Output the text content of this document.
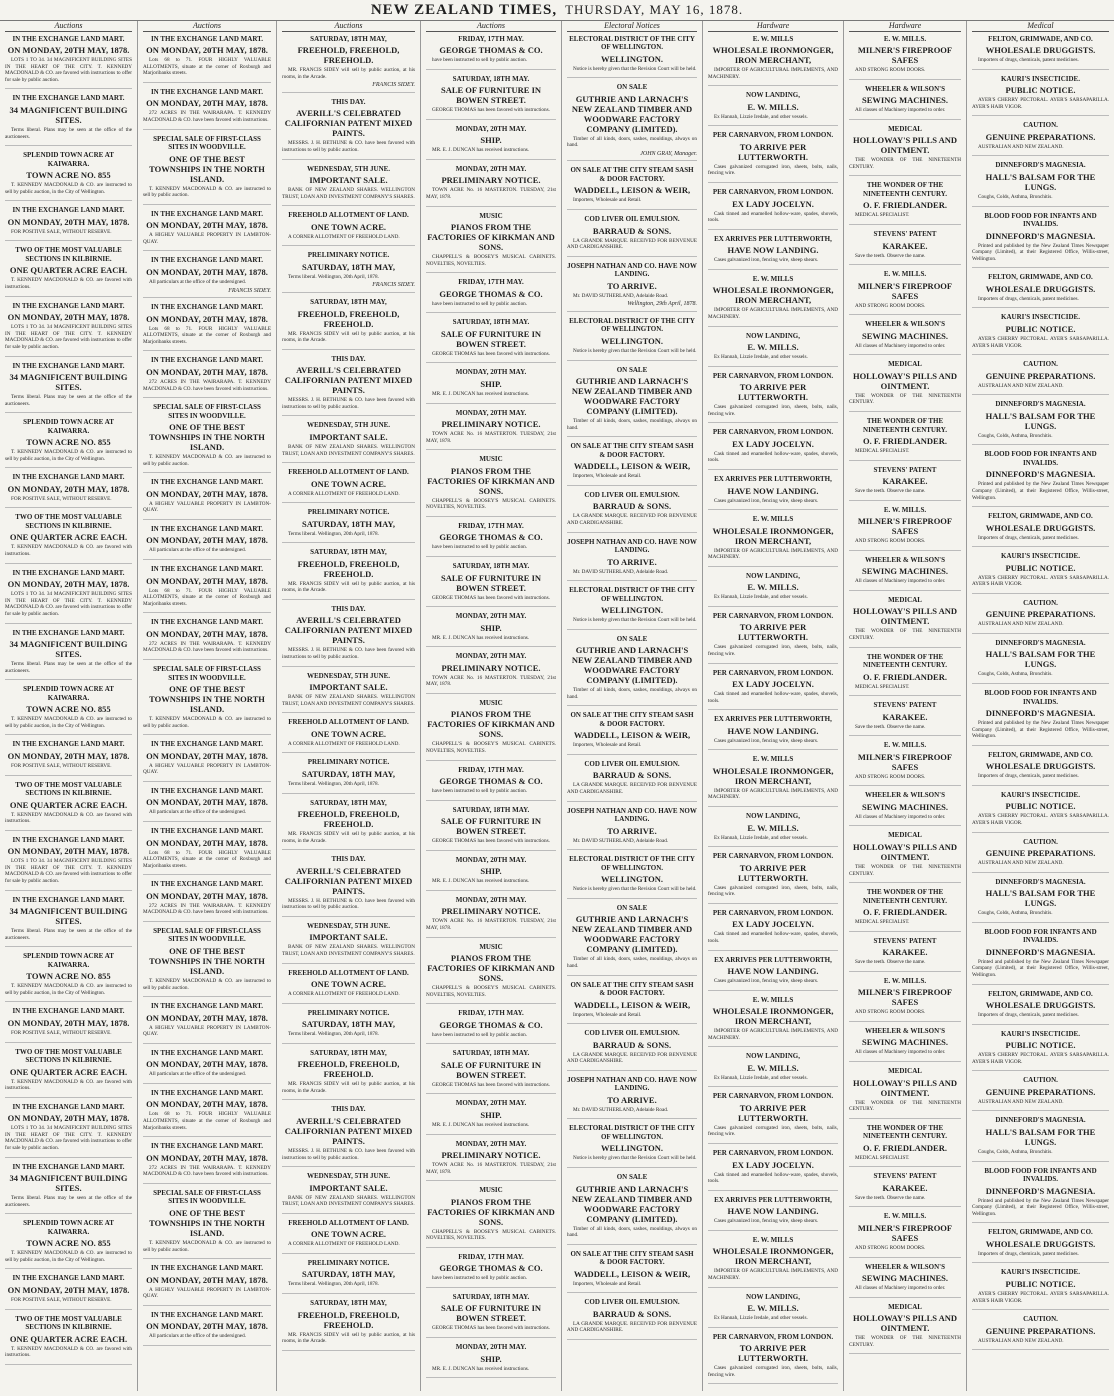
NEW ZEALAND TIMES, THURSDAY, MAY 16, 1878.
Auctions
IN THE EXCHANGE LAND MART.
ON MONDAY, 20TH MAY, 1878.

LOTS 1 TO 34. 34 MAGNIFICENT BUILDING SITES IN THE HEART OF THE CITY. T. KENNEDY MACDONALD & CO. are favored with instructions to offer for sale by public auction.

IN THE EXCHANGE LAND MART.
34 MAGNIFICENT BUILDING SITES.

Terms liberal. Plans may be seen at the office of the auctioneers.

SPLENDID TOWN ACRE AT KAIWARRA.
TOWN ACRE NO. 855

T. KENNEDY MACDONALD & CO. are instructed to sell by public auction, in the City of Wellington.

IN THE EXCHANGE LAND MART.
ON MONDAY, 20TH MAY, 1878.

FOR POSITIVE SALE, WITHOUT RESERVE.

TWO OF THE MOST VALUABLE SECTIONS IN KILBIRNIE.
ONE QUARTER ACRE EACH.

T. KENNEDY MACDONALD & CO. are favored with instructions.

IN THE EXCHANGE LAND MART.
ON MONDAY, 20TH MAY, 1878.

LOTS 1 TO 34. 34 MAGNIFICENT BUILDING SITES IN THE HEART OF THE CITY. T. KENNEDY MACDONALD & CO. are favored with instructions to offer for sale by public auction.

IN THE EXCHANGE LAND MART.
34 MAGNIFICENT BUILDING SITES.

Terms liberal. Plans may be seen at the office of the auctioneers.

SPLENDID TOWN ACRE AT KAIWARRA.
TOWN ACRE NO. 855

T. KENNEDY MACDONALD & CO. are instructed to sell by public auction, in the City of Wellington.

IN THE EXCHANGE LAND MART.
ON MONDAY, 20TH MAY, 1878.

FOR POSITIVE SALE, WITHOUT RESERVE.

TWO OF THE MOST VALUABLE SECTIONS IN KILBIRNIE.
ONE QUARTER ACRE EACH.

T. KENNEDY MACDONALD & CO. are favored with instructions.

IN THE EXCHANGE LAND MART.
ON MONDAY, 20TH MAY, 1878.

LOTS 1 TO 34. 34 MAGNIFICENT BUILDING SITES IN THE HEART OF THE CITY. T. KENNEDY MACDONALD & CO. are favored with instructions to offer for sale by public auction.

IN THE EXCHANGE LAND MART.
34 MAGNIFICENT BUILDING SITES.

Terms liberal. Plans may be seen at the office of the auctioneers.

SPLENDID TOWN ACRE AT KAIWARRA.
TOWN ACRE NO. 855

T. KENNEDY MACDONALD & CO. are instructed to sell by public auction, in the City of Wellington.

IN THE EXCHANGE LAND MART.
ON MONDAY, 20TH MAY, 1878.

FOR POSITIVE SALE, WITHOUT RESERVE.

TWO OF THE MOST VALUABLE SECTIONS IN KILBIRNIE.
ONE QUARTER ACRE EACH.

T. KENNEDY MACDONALD & CO. are favored with instructions.

IN THE EXCHANGE LAND MART.
ON MONDAY, 20TH MAY, 1878.

LOTS 1 TO 34. 34 MAGNIFICENT BUILDING SITES IN THE HEART OF THE CITY. T. KENNEDY MACDONALD & CO. are favored with instructions to offer for sale by public auction.

IN THE EXCHANGE LAND MART.
34 MAGNIFICENT BUILDING SITES.

Terms liberal. Plans may be seen at the office of the auctioneers.

SPLENDID TOWN ACRE AT KAIWARRA.
TOWN ACRE NO. 855

T. KENNEDY MACDONALD & CO. are instructed to sell by public auction, in the City of Wellington.

IN THE EXCHANGE LAND MART.
ON MONDAY, 20TH MAY, 1878.

FOR POSITIVE SALE, WITHOUT RESERVE.

TWO OF THE MOST VALUABLE SECTIONS IN KILBIRNIE.
ONE QUARTER ACRE EACH.

T. KENNEDY MACDONALD & CO. are favored with instructions.

IN THE EXCHANGE LAND MART.
ON MONDAY, 20TH MAY, 1878.

LOTS 1 TO 34. 34 MAGNIFICENT BUILDING SITES IN THE HEART OF THE CITY. T. KENNEDY MACDONALD & CO. are favored with instructions to offer for sale by public auction.

IN THE EXCHANGE LAND MART.
34 MAGNIFICENT BUILDING SITES.

Terms liberal. Plans may be seen at the office of the auctioneers.

SPLENDID TOWN ACRE AT KAIWARRA.
TOWN ACRE NO. 855

T. KENNEDY MACDONALD & CO. are instructed to sell by public auction, in the City of Wellington.

IN THE EXCHANGE LAND MART.
ON MONDAY, 20TH MAY, 1878.

FOR POSITIVE SALE, WITHOUT RESERVE.

TWO OF THE MOST VALUABLE SECTIONS IN KILBIRNIE.
ONE QUARTER ACRE EACH.

T. KENNEDY MACDONALD & CO. are favored with instructions.

Auctions
IN THE EXCHANGE LAND MART.
ON MONDAY, 20TH MAY, 1878.

Lots 68 to 71. FOUR HIGHLY VALUABLE ALLOTMENTS, situate at the corner of Roxburgh and Marjoribanks streets.

IN THE EXCHANGE LAND MART.
ON MONDAY, 20TH MAY, 1878.

272 ACRES IN THE WAIRARAPA. T. KENNEDY MACDONALD & CO. have been favored with instructions.

SPECIAL SALE OF FIRST-CLASS SITES IN WOODVILLE.
ONE OF THE BEST TOWNSHIPS IN THE NORTH ISLAND.

T. KENNEDY MACDONALD & CO. are instructed to sell by public auction.

IN THE EXCHANGE LAND MART.
ON MONDAY, 20TH MAY, 1878.

A HIGHLY VALUABLE PROPERTY IN LAMBTON-QUAY.

IN THE EXCHANGE LAND MART.
ON MONDAY, 20TH MAY, 1878.

All particulars at the office of the undersigned.

FRANCIS SIDEY.
IN THE EXCHANGE LAND MART.
ON MONDAY, 20TH MAY, 1878.

Lots 68 to 71. FOUR HIGHLY VALUABLE ALLOTMENTS, situate at the corner of Roxburgh and Marjoribanks streets.

IN THE EXCHANGE LAND MART.
ON MONDAY, 20TH MAY, 1878.

272 ACRES IN THE WAIRARAPA. T. KENNEDY MACDONALD & CO. have been favored with instructions.

SPECIAL SALE OF FIRST-CLASS SITES IN WOODVILLE.
ONE OF THE BEST TOWNSHIPS IN THE NORTH ISLAND.

T. KENNEDY MACDONALD & CO. are instructed to sell by public auction.

IN THE EXCHANGE LAND MART.
ON MONDAY, 20TH MAY, 1878.

A HIGHLY VALUABLE PROPERTY IN LAMBTON-QUAY.

IN THE EXCHANGE LAND MART.
ON MONDAY, 20TH MAY, 1878.

All particulars at the office of the undersigned.

IN THE EXCHANGE LAND MART.
ON MONDAY, 20TH MAY, 1878.

Lots 68 to 71. FOUR HIGHLY VALUABLE ALLOTMENTS, situate at the corner of Roxburgh and Marjoribanks streets.

IN THE EXCHANGE LAND MART.
ON MONDAY, 20TH MAY, 1878.

272 ACRES IN THE WAIRARAPA. T. KENNEDY MACDONALD & CO. have been favored with instructions.

SPECIAL SALE OF FIRST-CLASS SITES IN WOODVILLE.
ONE OF THE BEST TOWNSHIPS IN THE NORTH ISLAND.

T. KENNEDY MACDONALD & CO. are instructed to sell by public auction.

IN THE EXCHANGE LAND MART.
ON MONDAY, 20TH MAY, 1878.

A HIGHLY VALUABLE PROPERTY IN LAMBTON-QUAY.

IN THE EXCHANGE LAND MART.
ON MONDAY, 20TH MAY, 1878.

All particulars at the office of the undersigned.

IN THE EXCHANGE LAND MART.
ON MONDAY, 20TH MAY, 1878.

Lots 68 to 71. FOUR HIGHLY VALUABLE ALLOTMENTS, situate at the corner of Roxburgh and Marjoribanks streets.

IN THE EXCHANGE LAND MART.
ON MONDAY, 20TH MAY, 1878.

272 ACRES IN THE WAIRARAPA. T. KENNEDY MACDONALD & CO. have been favored with instructions.

SPECIAL SALE OF FIRST-CLASS SITES IN WOODVILLE.
ONE OF THE BEST TOWNSHIPS IN THE NORTH ISLAND.

T. KENNEDY MACDONALD & CO. are instructed to sell by public auction.

IN THE EXCHANGE LAND MART.
ON MONDAY, 20TH MAY, 1878.

A HIGHLY VALUABLE PROPERTY IN LAMBTON-QUAY.

IN THE EXCHANGE LAND MART.
ON MONDAY, 20TH MAY, 1878.

All particulars at the office of the undersigned.

IN THE EXCHANGE LAND MART.
ON MONDAY, 20TH MAY, 1878.

Lots 68 to 71. FOUR HIGHLY VALUABLE ALLOTMENTS, situate at the corner of Roxburgh and Marjoribanks streets.

IN THE EXCHANGE LAND MART.
ON MONDAY, 20TH MAY, 1878.

272 ACRES IN THE WAIRARAPA. T. KENNEDY MACDONALD & CO. have been favored with instructions.

SPECIAL SALE OF FIRST-CLASS SITES IN WOODVILLE.
ONE OF THE BEST TOWNSHIPS IN THE NORTH ISLAND.

T. KENNEDY MACDONALD & CO. are instructed to sell by public auction.

IN THE EXCHANGE LAND MART.
ON MONDAY, 20TH MAY, 1878.

A HIGHLY VALUABLE PROPERTY IN LAMBTON-QUAY.

IN THE EXCHANGE LAND MART.
ON MONDAY, 20TH MAY, 1878.

All particulars at the office of the undersigned.

Auctions
SATURDAY, 18TH MAY,
FREEHOLD, FREEHOLD, FREEHOLD.

MR. FRANCIS SIDEY will sell by public auction, at his rooms, in the Arcade.

FRANCIS SIDEY.
THIS DAY.
AVERILL'S CELEBRATED CALIFORNIAN PATENT MIXED PAINTS.

MESSRS. J. H. BETHUNE & CO. have been favored with instructions to sell by public auction.

WEDNESDAY, 5TH JUNE.
IMPORTANT SALE.

BANK OF NEW ZEALAND SHARES. WELLINGTON TRUST, LOAN AND INVESTMENT COMPANY'S SHARES.

FREEHOLD ALLOTMENT OF LAND.
ONE TOWN ACRE.

A CORNER ALLOTMENT OF FREEHOLD LAND.

PRELIMINARY NOTICE.
SATURDAY, 18TH MAY,

Terms liberal. Wellington, 20th April, 1878.

FRANCIS SIDEY.
SATURDAY, 18TH MAY,
FREEHOLD, FREEHOLD, FREEHOLD.

MR. FRANCIS SIDEY will sell by public auction, at his rooms, in the Arcade.

THIS DAY.
AVERILL'S CELEBRATED CALIFORNIAN PATENT MIXED PAINTS.

MESSRS. J. H. BETHUNE & CO. have been favored with instructions to sell by public auction.

WEDNESDAY, 5TH JUNE.
IMPORTANT SALE.

BANK OF NEW ZEALAND SHARES. WELLINGTON TRUST, LOAN AND INVESTMENT COMPANY'S SHARES.

FREEHOLD ALLOTMENT OF LAND.
ONE TOWN ACRE.

A CORNER ALLOTMENT OF FREEHOLD LAND.

PRELIMINARY NOTICE.
SATURDAY, 18TH MAY,

Terms liberal. Wellington, 20th April, 1878.

SATURDAY, 18TH MAY,
FREEHOLD, FREEHOLD, FREEHOLD.

MR. FRANCIS SIDEY will sell by public auction, at his rooms, in the Arcade.

THIS DAY.
AVERILL'S CELEBRATED CALIFORNIAN PATENT MIXED PAINTS.

MESSRS. J. H. BETHUNE & CO. have been favored with instructions to sell by public auction.

WEDNESDAY, 5TH JUNE.
IMPORTANT SALE.

BANK OF NEW ZEALAND SHARES. WELLINGTON TRUST, LOAN AND INVESTMENT COMPANY'S SHARES.

FREEHOLD ALLOTMENT OF LAND.
ONE TOWN ACRE.

A CORNER ALLOTMENT OF FREEHOLD LAND.

PRELIMINARY NOTICE.
SATURDAY, 18TH MAY,

Terms liberal. Wellington, 20th April, 1878.

SATURDAY, 18TH MAY,
FREEHOLD, FREEHOLD, FREEHOLD.

MR. FRANCIS SIDEY will sell by public auction, at his rooms, in the Arcade.

THIS DAY.
AVERILL'S CELEBRATED CALIFORNIAN PATENT MIXED PAINTS.

MESSRS. J. H. BETHUNE & CO. have been favored with instructions to sell by public auction.

WEDNESDAY, 5TH JUNE.
IMPORTANT SALE.

BANK OF NEW ZEALAND SHARES. WELLINGTON TRUST, LOAN AND INVESTMENT COMPANY'S SHARES.

FREEHOLD ALLOTMENT OF LAND.
ONE TOWN ACRE.

A CORNER ALLOTMENT OF FREEHOLD LAND.

PRELIMINARY NOTICE.
SATURDAY, 18TH MAY,

Terms liberal. Wellington, 20th April, 1878.

SATURDAY, 18TH MAY,
FREEHOLD, FREEHOLD, FREEHOLD.

MR. FRANCIS SIDEY will sell by public auction, at his rooms, in the Arcade.

THIS DAY.
AVERILL'S CELEBRATED CALIFORNIAN PATENT MIXED PAINTS.

MESSRS. J. H. BETHUNE & CO. have been favored with instructions to sell by public auction.

WEDNESDAY, 5TH JUNE.
IMPORTANT SALE.

BANK OF NEW ZEALAND SHARES. WELLINGTON TRUST, LOAN AND INVESTMENT COMPANY'S SHARES.

FREEHOLD ALLOTMENT OF LAND.
ONE TOWN ACRE.

A CORNER ALLOTMENT OF FREEHOLD LAND.

PRELIMINARY NOTICE.
SATURDAY, 18TH MAY,

Terms liberal. Wellington, 20th April, 1878.

SATURDAY, 18TH MAY,
FREEHOLD, FREEHOLD, FREEHOLD.

MR. FRANCIS SIDEY will sell by public auction, at his rooms, in the Arcade.

Auctions
FRIDAY, 17TH MAY.
GEORGE THOMAS & CO.

have been instructed to sell by public auction.

SATURDAY, 18TH MAY.
SALE OF FURNITURE IN BOWEN STREET.

GEORGE THOMAS has been favored with instructions.

MONDAY, 20TH MAY.
SHIP.

MR. E. J. DUNCAN has received instructions.

MONDAY, 20TH MAY.
PRELIMINARY NOTICE.

TOWN ACRE No. 16 MASTERTON. TUESDAY, 21st MAY, 1878.

MUSIC
PIANOS FROM THE FACTORIES OF KIRKMAN AND SONS.

CHAPPELL'S & BOOSEY'S MUSICAL CABINETS. NOVELTIES, NOVELTIES.

FRIDAY, 17TH MAY.
GEORGE THOMAS & CO.

have been instructed to sell by public auction.

SATURDAY, 18TH MAY.
SALE OF FURNITURE IN BOWEN STREET.

GEORGE THOMAS has been favored with instructions.

MONDAY, 20TH MAY.
SHIP.

MR. E. J. DUNCAN has received instructions.

MONDAY, 20TH MAY.
PRELIMINARY NOTICE.

TOWN ACRE No. 16 MASTERTON. TUESDAY, 21st MAY, 1878.

MUSIC
PIANOS FROM THE FACTORIES OF KIRKMAN AND SONS.

CHAPPELL'S & BOOSEY'S MUSICAL CABINETS. NOVELTIES, NOVELTIES.

FRIDAY, 17TH MAY.
GEORGE THOMAS & CO.

have been instructed to sell by public auction.

SATURDAY, 18TH MAY.
SALE OF FURNITURE IN BOWEN STREET.

GEORGE THOMAS has been favored with instructions.

MONDAY, 20TH MAY.
SHIP.

MR. E. J. DUNCAN has received instructions.

MONDAY, 20TH MAY.
PRELIMINARY NOTICE.

TOWN ACRE No. 16 MASTERTON. TUESDAY, 21st MAY, 1878.

MUSIC
PIANOS FROM THE FACTORIES OF KIRKMAN AND SONS.

CHAPPELL'S & BOOSEY'S MUSICAL CABINETS. NOVELTIES, NOVELTIES.

FRIDAY, 17TH MAY.
GEORGE THOMAS & CO.

have been instructed to sell by public auction.

SATURDAY, 18TH MAY.
SALE OF FURNITURE IN BOWEN STREET.

GEORGE THOMAS has been favored with instructions.

MONDAY, 20TH MAY.
SHIP.

MR. E. J. DUNCAN has received instructions.

MONDAY, 20TH MAY.
PRELIMINARY NOTICE.

TOWN ACRE No. 16 MASTERTON. TUESDAY, 21st MAY, 1878.

MUSIC
PIANOS FROM THE FACTORIES OF KIRKMAN AND SONS.

CHAPPELL'S & BOOSEY'S MUSICAL CABINETS. NOVELTIES, NOVELTIES.

FRIDAY, 17TH MAY.
GEORGE THOMAS & CO.

have been instructed to sell by public auction.

SATURDAY, 18TH MAY.
SALE OF FURNITURE IN BOWEN STREET.

GEORGE THOMAS has been favored with instructions.

MONDAY, 20TH MAY.
SHIP.

MR. E. J. DUNCAN has received instructions.

MONDAY, 20TH MAY.
PRELIMINARY NOTICE.

TOWN ACRE No. 16 MASTERTON. TUESDAY, 21st MAY, 1878.

MUSIC
PIANOS FROM THE FACTORIES OF KIRKMAN AND SONS.

CHAPPELL'S & BOOSEY'S MUSICAL CABINETS. NOVELTIES, NOVELTIES.

FRIDAY, 17TH MAY.
GEORGE THOMAS & CO.

have been instructed to sell by public auction.

SATURDAY, 18TH MAY.
SALE OF FURNITURE IN BOWEN STREET.

GEORGE THOMAS has been favored with instructions.

MONDAY, 20TH MAY.
SHIP.

MR. E. J. DUNCAN has received instructions.

Electoral Notices
ELECTORAL DISTRICT OF THE CITY OF WELLINGTON.
WELLINGTON.

Notice is hereby given that the Revision Court will be held.

ON SALE
GUTHRIE AND LARNACH'S NEW ZEALAND TIMBER AND WOODWARE FACTORY COMPANY (LIMITED).

Timber of all kinds, doors, sashes, mouldings, always on hand.

JOHN GRAY, Manager.
ON SALE AT THE CITY STEAM SASH & DOOR FACTORY.
WADDELL, LEISON & WEIR,

Importers, Wholesale and Retail.

COD LIVER OIL EMULSION.
BARRAUD & SONS.

LA GRANDE MARQUE. RECEIVED FOR BENVENUE AND CARDIGANSHIRE.

JOSEPH NATHAN AND CO. HAVE NOW LANDING.
TO ARRIVE.

Mr. DAVID SUTHERLAND, Adelaide Road.

Wellington, 29th April, 1878.
ELECTORAL DISTRICT OF THE CITY OF WELLINGTON.
WELLINGTON.

Notice is hereby given that the Revision Court will be held.

ON SALE
GUTHRIE AND LARNACH'S NEW ZEALAND TIMBER AND WOODWARE FACTORY COMPANY (LIMITED).

Timber of all kinds, doors, sashes, mouldings, always on hand.

ON SALE AT THE CITY STEAM SASH & DOOR FACTORY.
WADDELL, LEISON & WEIR,

Importers, Wholesale and Retail.

COD LIVER OIL EMULSION.
BARRAUD & SONS.

LA GRANDE MARQUE. RECEIVED FOR BENVENUE AND CARDIGANSHIRE.

JOSEPH NATHAN AND CO. HAVE NOW LANDING.
TO ARRIVE.

Mr. DAVID SUTHERLAND, Adelaide Road.

ELECTORAL DISTRICT OF THE CITY OF WELLINGTON.
WELLINGTON.

Notice is hereby given that the Revision Court will be held.

ON SALE
GUTHRIE AND LARNACH'S NEW ZEALAND TIMBER AND WOODWARE FACTORY COMPANY (LIMITED).

Timber of all kinds, doors, sashes, mouldings, always on hand.

ON SALE AT THE CITY STEAM SASH & DOOR FACTORY.
WADDELL, LEISON & WEIR,

Importers, Wholesale and Retail.

COD LIVER OIL EMULSION.
BARRAUD & SONS.

LA GRANDE MARQUE. RECEIVED FOR BENVENUE AND CARDIGANSHIRE.

JOSEPH NATHAN AND CO. HAVE NOW LANDING.
TO ARRIVE.

Mr. DAVID SUTHERLAND, Adelaide Road.

ELECTORAL DISTRICT OF THE CITY OF WELLINGTON.
WELLINGTON.

Notice is hereby given that the Revision Court will be held.

ON SALE
GUTHRIE AND LARNACH'S NEW ZEALAND TIMBER AND WOODWARE FACTORY COMPANY (LIMITED).

Timber of all kinds, doors, sashes, mouldings, always on hand.

ON SALE AT THE CITY STEAM SASH & DOOR FACTORY.
WADDELL, LEISON & WEIR,

Importers, Wholesale and Retail.

COD LIVER OIL EMULSION.
BARRAUD & SONS.

LA GRANDE MARQUE. RECEIVED FOR BENVENUE AND CARDIGANSHIRE.

JOSEPH NATHAN AND CO. HAVE NOW LANDING.
TO ARRIVE.

Mr. DAVID SUTHERLAND, Adelaide Road.

ELECTORAL DISTRICT OF THE CITY OF WELLINGTON.
WELLINGTON.

Notice is hereby given that the Revision Court will be held.

ON SALE
GUTHRIE AND LARNACH'S NEW ZEALAND TIMBER AND WOODWARE FACTORY COMPANY (LIMITED).

Timber of all kinds, doors, sashes, mouldings, always on hand.

ON SALE AT THE CITY STEAM SASH & DOOR FACTORY.
WADDELL, LEISON & WEIR,

Importers, Wholesale and Retail.

COD LIVER OIL EMULSION.
BARRAUD & SONS.

LA GRANDE MARQUE. RECEIVED FOR BENVENUE AND CARDIGANSHIRE.

Hardware
E. W. MILLS
WHOLESALE IRONMONGER, IRON MERCHANT,

IMPORTER OF AGRICULTURAL IMPLEMENTS, AND MACHINERY.

NOW LANDING,
E. W. MILLS.

Ex Hannah, Lizzie Iredale, and other vessels.

PER CARNARVON, FROM LONDON.
TO ARRIVE PER LUTTERWORTH.

Cases galvanized corrugated iron, sheets, bolts, nails, fencing wire.

PER CARNARVON, FROM LONDON.
EX LADY JOCELYN.

Cask tinned and enamelled hollow-ware, spades, shovels, tools.

EX ARRIVES PER LUTTERWORTH,
HAVE NOW LANDING.

Cases galvanized iron, fencing wire, sheep shears.

E. W. MILLS
WHOLESALE IRONMONGER, IRON MERCHANT,

IMPORTER OF AGRICULTURAL IMPLEMENTS, AND MACHINERY.

NOW LANDING,
E. W. MILLS.

Ex Hannah, Lizzie Iredale, and other vessels.

PER CARNARVON, FROM LONDON.
TO ARRIVE PER LUTTERWORTH.

Cases galvanized corrugated iron, sheets, bolts, nails, fencing wire.

PER CARNARVON, FROM LONDON.
EX LADY JOCELYN.

Cask tinned and enamelled hollow-ware, spades, shovels, tools.

EX ARRIVES PER LUTTERWORTH,
HAVE NOW LANDING.

Cases galvanized iron, fencing wire, sheep shears.

E. W. MILLS
WHOLESALE IRONMONGER, IRON MERCHANT,

IMPORTER OF AGRICULTURAL IMPLEMENTS, AND MACHINERY.

NOW LANDING,
E. W. MILLS.

Ex Hannah, Lizzie Iredale, and other vessels.

PER CARNARVON, FROM LONDON.
TO ARRIVE PER LUTTERWORTH.

Cases galvanized corrugated iron, sheets, bolts, nails, fencing wire.

PER CARNARVON, FROM LONDON.
EX LADY JOCELYN.

Cask tinned and enamelled hollow-ware, spades, shovels, tools.

EX ARRIVES PER LUTTERWORTH,
HAVE NOW LANDING.

Cases galvanized iron, fencing wire, sheep shears.

E. W. MILLS
WHOLESALE IRONMONGER, IRON MERCHANT,

IMPORTER OF AGRICULTURAL IMPLEMENTS, AND MACHINERY.

NOW LANDING,
E. W. MILLS.

Ex Hannah, Lizzie Iredale, and other vessels.

PER CARNARVON, FROM LONDON.
TO ARRIVE PER LUTTERWORTH.

Cases galvanized corrugated iron, sheets, bolts, nails, fencing wire.

PER CARNARVON, FROM LONDON.
EX LADY JOCELYN.

Cask tinned and enamelled hollow-ware, spades, shovels, tools.

EX ARRIVES PER LUTTERWORTH,
HAVE NOW LANDING.

Cases galvanized iron, fencing wire, sheep shears.

E. W. MILLS
WHOLESALE IRONMONGER, IRON MERCHANT,

IMPORTER OF AGRICULTURAL IMPLEMENTS, AND MACHINERY.

NOW LANDING,
E. W. MILLS.

Ex Hannah, Lizzie Iredale, and other vessels.

PER CARNARVON, FROM LONDON.
TO ARRIVE PER LUTTERWORTH.

Cases galvanized corrugated iron, sheets, bolts, nails, fencing wire.

PER CARNARVON, FROM LONDON.
EX LADY JOCELYN.

Cask tinned and enamelled hollow-ware, spades, shovels, tools.

EX ARRIVES PER LUTTERWORTH,
HAVE NOW LANDING.

Cases galvanized iron, fencing wire, sheep shears.

E. W. MILLS
WHOLESALE IRONMONGER, IRON MERCHANT,

IMPORTER OF AGRICULTURAL IMPLEMENTS, AND MACHINERY.

NOW LANDING,
E. W. MILLS.

Ex Hannah, Lizzie Iredale, and other vessels.

PER CARNARVON, FROM LONDON.
TO ARRIVE PER LUTTERWORTH.

Cases galvanized corrugated iron, sheets, bolts, nails, fencing wire.

Hardware
E. W. MILLS.
MILNER'S FIREPROOF SAFES

AND STRONG ROOM DOORS.

WHEELER & WILSON'S
SEWING MACHINES.

All classes of Machinery imported to order.

MEDICAL
HOLLOWAY'S PILLS AND OINTMENT.

THE WONDER OF THE NINETEENTH CENTURY.

THE WONDER OF THE NINETEENTH CENTURY.
O. F. FRIEDLANDER.

MEDICAL SPECIALIST.

STEVENS' PATENT
KARAKEE.

Save the teeth. Observe the name.

E. W. MILLS.
MILNER'S FIREPROOF SAFES

AND STRONG ROOM DOORS.

WHEELER & WILSON'S
SEWING MACHINES.

All classes of Machinery imported to order.

MEDICAL
HOLLOWAY'S PILLS AND OINTMENT.

THE WONDER OF THE NINETEENTH CENTURY.

THE WONDER OF THE NINETEENTH CENTURY.
O. F. FRIEDLANDER.

MEDICAL SPECIALIST.

STEVENS' PATENT
KARAKEE.

Save the teeth. Observe the name.

E. W. MILLS.
MILNER'S FIREPROOF SAFES

AND STRONG ROOM DOORS.

WHEELER & WILSON'S
SEWING MACHINES.

All classes of Machinery imported to order.

MEDICAL
HOLLOWAY'S PILLS AND OINTMENT.

THE WONDER OF THE NINETEENTH CENTURY.

THE WONDER OF THE NINETEENTH CENTURY.
O. F. FRIEDLANDER.

MEDICAL SPECIALIST.

STEVENS' PATENT
KARAKEE.

Save the teeth. Observe the name.

E. W. MILLS.
MILNER'S FIREPROOF SAFES

AND STRONG ROOM DOORS.

WHEELER & WILSON'S
SEWING MACHINES.

All classes of Machinery imported to order.

MEDICAL
HOLLOWAY'S PILLS AND OINTMENT.

THE WONDER OF THE NINETEENTH CENTURY.

THE WONDER OF THE NINETEENTH CENTURY.
O. F. FRIEDLANDER.

MEDICAL SPECIALIST.

STEVENS' PATENT
KARAKEE.

Save the teeth. Observe the name.

E. W. MILLS.
MILNER'S FIREPROOF SAFES

AND STRONG ROOM DOORS.

WHEELER & WILSON'S
SEWING MACHINES.

All classes of Machinery imported to order.

MEDICAL
HOLLOWAY'S PILLS AND OINTMENT.

THE WONDER OF THE NINETEENTH CENTURY.

THE WONDER OF THE NINETEENTH CENTURY.
O. F. FRIEDLANDER.

MEDICAL SPECIALIST.

STEVENS' PATENT
KARAKEE.

Save the teeth. Observe the name.

E. W. MILLS.
MILNER'S FIREPROOF SAFES

AND STRONG ROOM DOORS.

WHEELER & WILSON'S
SEWING MACHINES.

All classes of Machinery imported to order.

MEDICAL
HOLLOWAY'S PILLS AND OINTMENT.

THE WONDER OF THE NINETEENTH CENTURY.

Medical
FELTON, GRIMWADE, AND CO.
WHOLESALE DRUGGISTS.

Importers of drugs, chemicals, patent medicines.

KAURI'S INSECTICIDE.
PUBLIC NOTICE.

AYER'S CHERRY PECTORAL. AYER'S SARSAPARILLA. AYER'S HAIR VIGOR.

CAUTION.
GENUINE PREPARATIONS.

AUSTRALIAN AND NEW ZEALAND.

DINNEFORD'S MAGNESIA.
HALL'S BALSAM FOR THE LUNGS.

Coughs, Colds, Asthma, Bronchitis.

BLOOD FOOD FOR INFANTS AND INVALIDS.
DINNEFORD'S MAGNESIA.

Printed and published by the New Zealand Times Newspaper Company (Limited), at their Registered Office, Willis-street, Wellington.

FELTON, GRIMWADE, AND CO.
WHOLESALE DRUGGISTS.

Importers of drugs, chemicals, patent medicines.

KAURI'S INSECTICIDE.
PUBLIC NOTICE.

AYER'S CHERRY PECTORAL. AYER'S SARSAPARILLA. AYER'S HAIR VIGOR.

CAUTION.
GENUINE PREPARATIONS.

AUSTRALIAN AND NEW ZEALAND.

DINNEFORD'S MAGNESIA.
HALL'S BALSAM FOR THE LUNGS.

Coughs, Colds, Asthma, Bronchitis.

BLOOD FOOD FOR INFANTS AND INVALIDS.
DINNEFORD'S MAGNESIA.

Printed and published by the New Zealand Times Newspaper Company (Limited), at their Registered Office, Willis-street, Wellington.

FELTON, GRIMWADE, AND CO.
WHOLESALE DRUGGISTS.

Importers of drugs, chemicals, patent medicines.

KAURI'S INSECTICIDE.
PUBLIC NOTICE.

AYER'S CHERRY PECTORAL. AYER'S SARSAPARILLA. AYER'S HAIR VIGOR.

CAUTION.
GENUINE PREPARATIONS.

AUSTRALIAN AND NEW ZEALAND.

DINNEFORD'S MAGNESIA.
HALL'S BALSAM FOR THE LUNGS.

Coughs, Colds, Asthma, Bronchitis.

BLOOD FOOD FOR INFANTS AND INVALIDS.
DINNEFORD'S MAGNESIA.

Printed and published by the New Zealand Times Newspaper Company (Limited), at their Registered Office, Willis-street, Wellington.

FELTON, GRIMWADE, AND CO.
WHOLESALE DRUGGISTS.

Importers of drugs, chemicals, patent medicines.

KAURI'S INSECTICIDE.
PUBLIC NOTICE.

AYER'S CHERRY PECTORAL. AYER'S SARSAPARILLA. AYER'S HAIR VIGOR.

CAUTION.
GENUINE PREPARATIONS.

AUSTRALIAN AND NEW ZEALAND.

DINNEFORD'S MAGNESIA.
HALL'S BALSAM FOR THE LUNGS.

Coughs, Colds, Asthma, Bronchitis.

BLOOD FOOD FOR INFANTS AND INVALIDS.
DINNEFORD'S MAGNESIA.

Printed and published by the New Zealand Times Newspaper Company (Limited), at their Registered Office, Willis-street, Wellington.

FELTON, GRIMWADE, AND CO.
WHOLESALE DRUGGISTS.

Importers of drugs, chemicals, patent medicines.

KAURI'S INSECTICIDE.
PUBLIC NOTICE.

AYER'S CHERRY PECTORAL. AYER'S SARSAPARILLA. AYER'S HAIR VIGOR.

CAUTION.
GENUINE PREPARATIONS.

AUSTRALIAN AND NEW ZEALAND.

DINNEFORD'S MAGNESIA.
HALL'S BALSAM FOR THE LUNGS.

Coughs, Colds, Asthma, Bronchitis.

BLOOD FOOD FOR INFANTS AND INVALIDS.
DINNEFORD'S MAGNESIA.

Printed and published by the New Zealand Times Newspaper Company (Limited), at their Registered Office, Willis-street, Wellington.

FELTON, GRIMWADE, AND CO.
WHOLESALE DRUGGISTS.

Importers of drugs, chemicals, patent medicines.

KAURI'S INSECTICIDE.
PUBLIC NOTICE.

AYER'S CHERRY PECTORAL. AYER'S SARSAPARILLA. AYER'S HAIR VIGOR.

CAUTION.
GENUINE PREPARATIONS.

AUSTRALIAN AND NEW ZEALAND.
